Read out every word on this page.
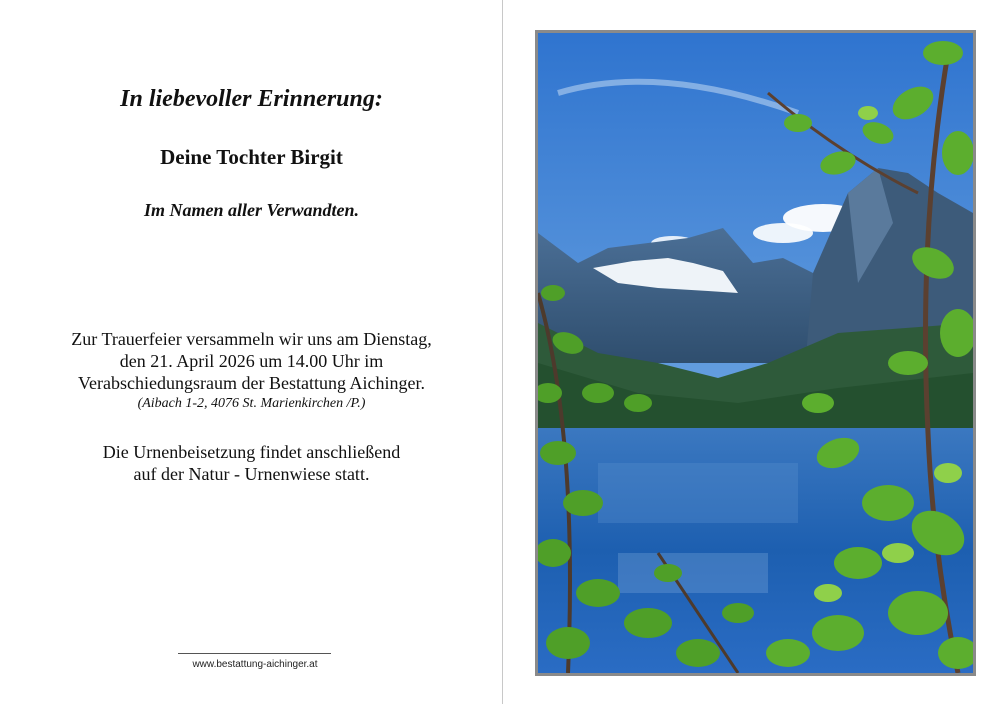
In liebevoller Erinnerung:
Deine Tochter Birgit
Im Namen aller Verwandten.
Zur Trauerfeier versammeln wir uns am Dienstag,
den 21. April 2026 um 14.00 Uhr im
Verabschiedungsraum der Bestattung Aichinger.
(Aibach 1-2, 4076 St. Marienkirchen /P.)
Die Urnenbeisetzung findet anschließend
auf der Natur - Urnenwiese statt.
www.bestattung-aichinger.at
